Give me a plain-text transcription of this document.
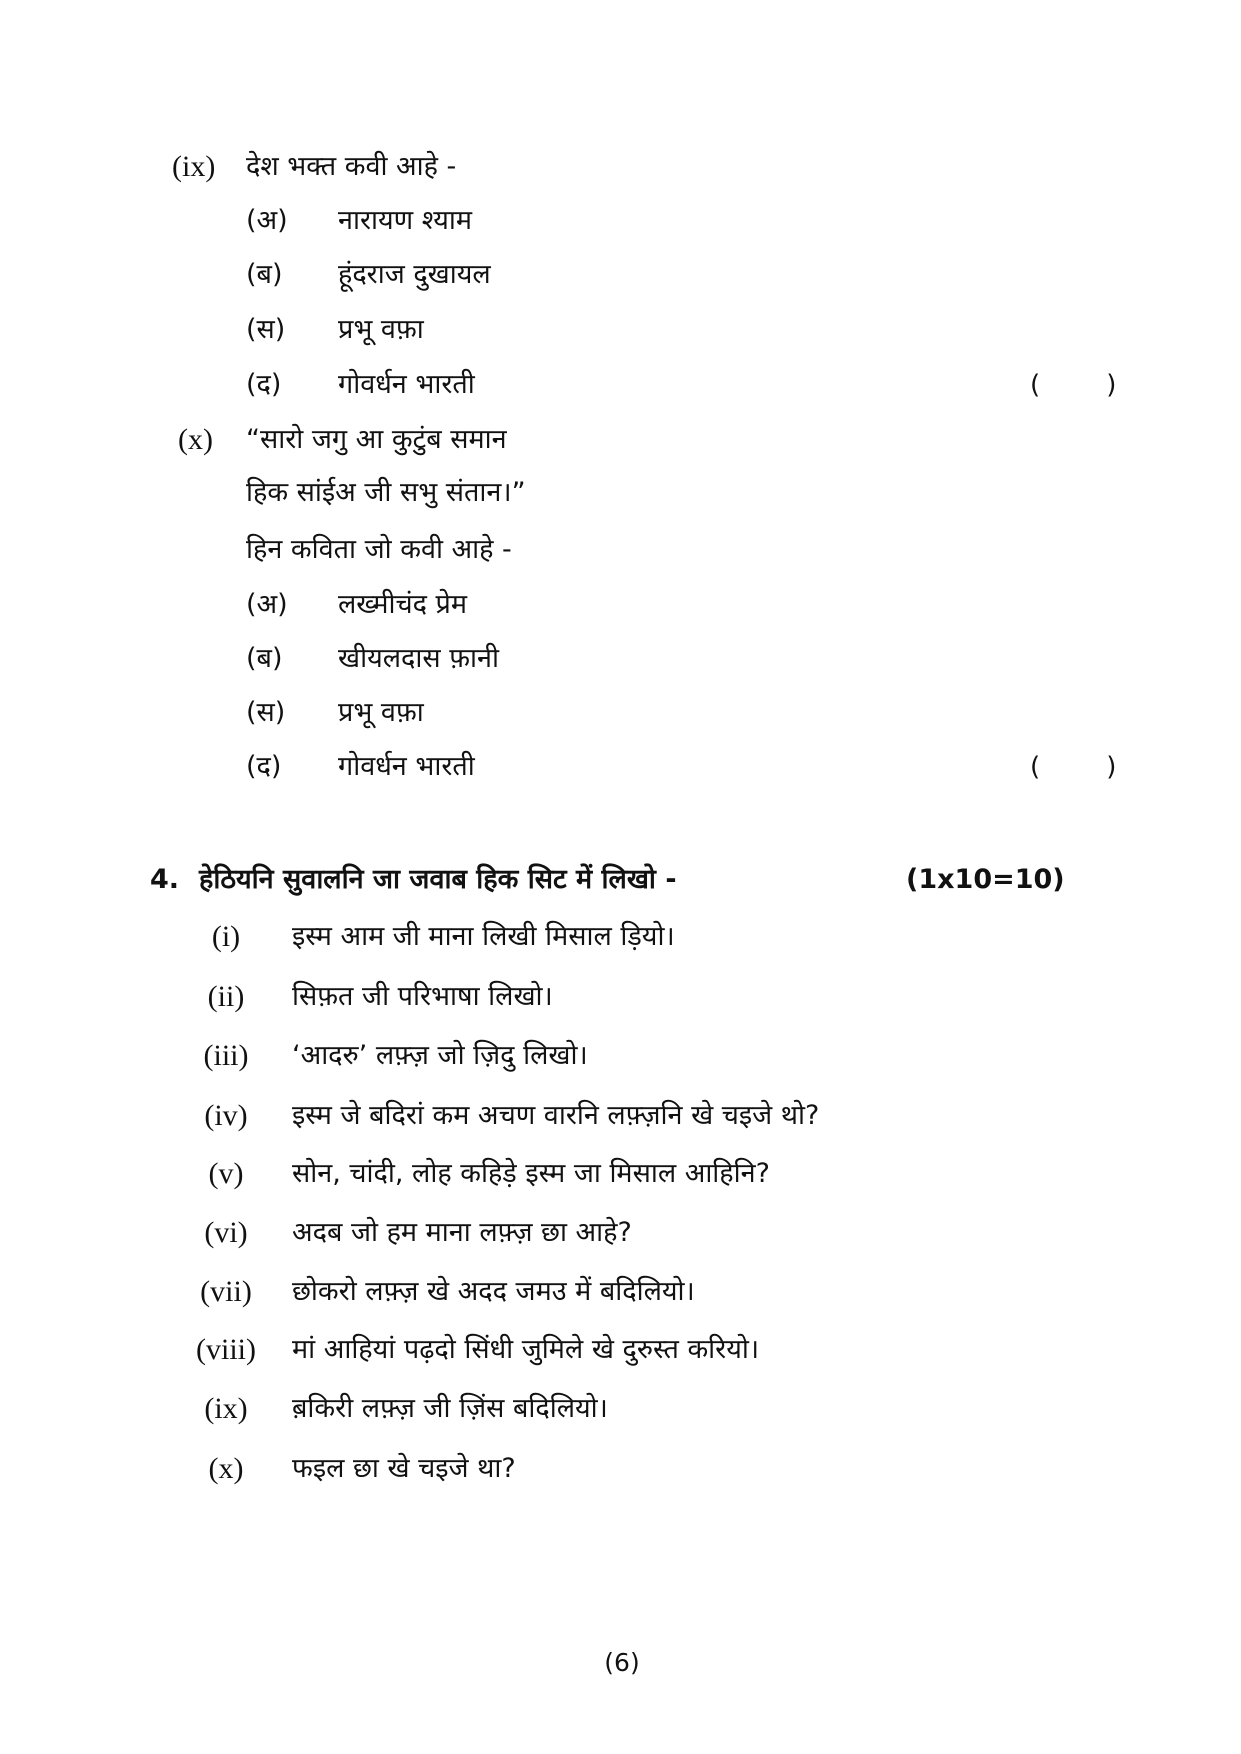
(ix) देश भक्त कवी आहे -
(अ) नारायण श्याम
(ब) हूंदराज दुखायल
(स) प्रभू वफ़ा
(द) गोवर्धन भारती	(        )
(x) “सारो जगु आ कुटुंब समान
हिक सांईअ जी सभु संतान।”
हिन कविता जो कवी आहे -
(अ) लख्मीचंद प्रेम
(ब) खीयलदास फ़ानी
(स) प्रभू वफ़ा
(द) गोवर्धन भारती	(        )
4. हेठियनि सुवालनि जा जवाब हिक सिट में लिखो -	(1x10=10)
(i)	इस्म आम जी माना लिखी मिसाल ड़ियो।
(ii)	सिफ़त जी परिभाषा लिखो।
(iii)	‘आदरु’ लफ़्ज़ जो ज़िदु लिखो।
(iv)	इस्म जे बदिरां कम अचण वारनि लफ़्ज़नि खे चइजे थो?
(v)	सोन, चांदी, लोह कहिड़े इस्म जा मिसाल आहिनि?
(vi)	अदब जो हम माना लफ़्ज़ छा आहे?
(vii)	छोकरो लफ़्ज़ खे अदद जमउ में बदिलियो।
(viii)	मां आहियां पढ़दो सिंधी जुमिले खे दुरुस्त करियो।
(ix)	ब़किरी लफ़्ज़ जी ज़िंस बदिलियो।
(x)	फइल छा खे चइजे था?
(6)
